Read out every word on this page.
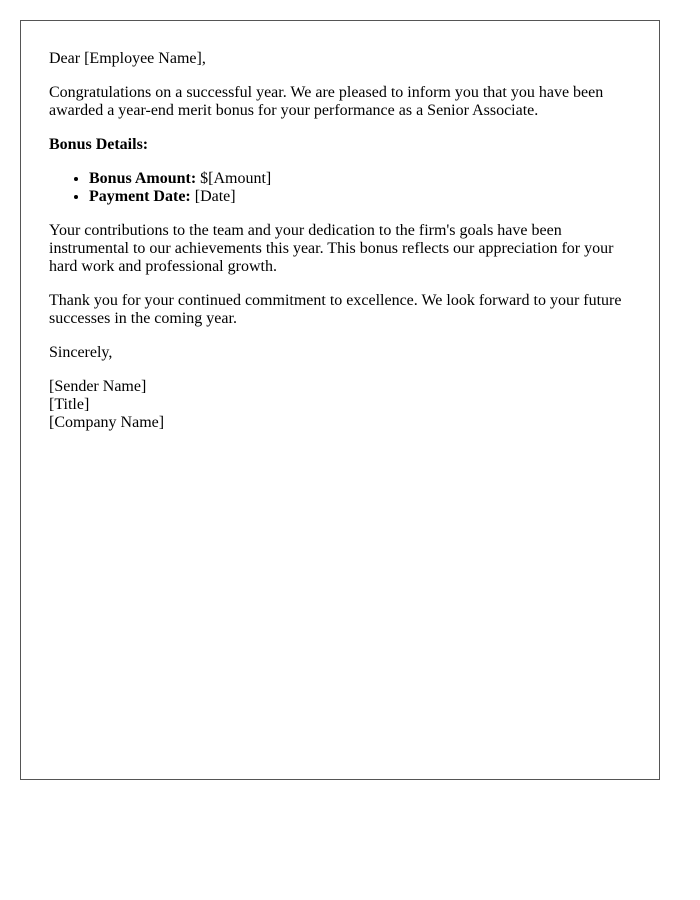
Dear [Employee Name],

Congratulations on a successful year. We are pleased to inform you that you have been awarded a year-end merit bonus for your performance as a Senior Associate.

Bonus Details:

• Bonus Amount: $[Amount]
• Payment Date: [Date]

Your contributions to the team and your dedication to the firm's goals have been instrumental to our achievements this year. This bonus reflects our appreciation for your hard work and professional growth.

Thank you for your continued commitment to excellence. We look forward to your future successes in the coming year.

Sincerely,

[Sender Name]
[Title]
[Company Name]
